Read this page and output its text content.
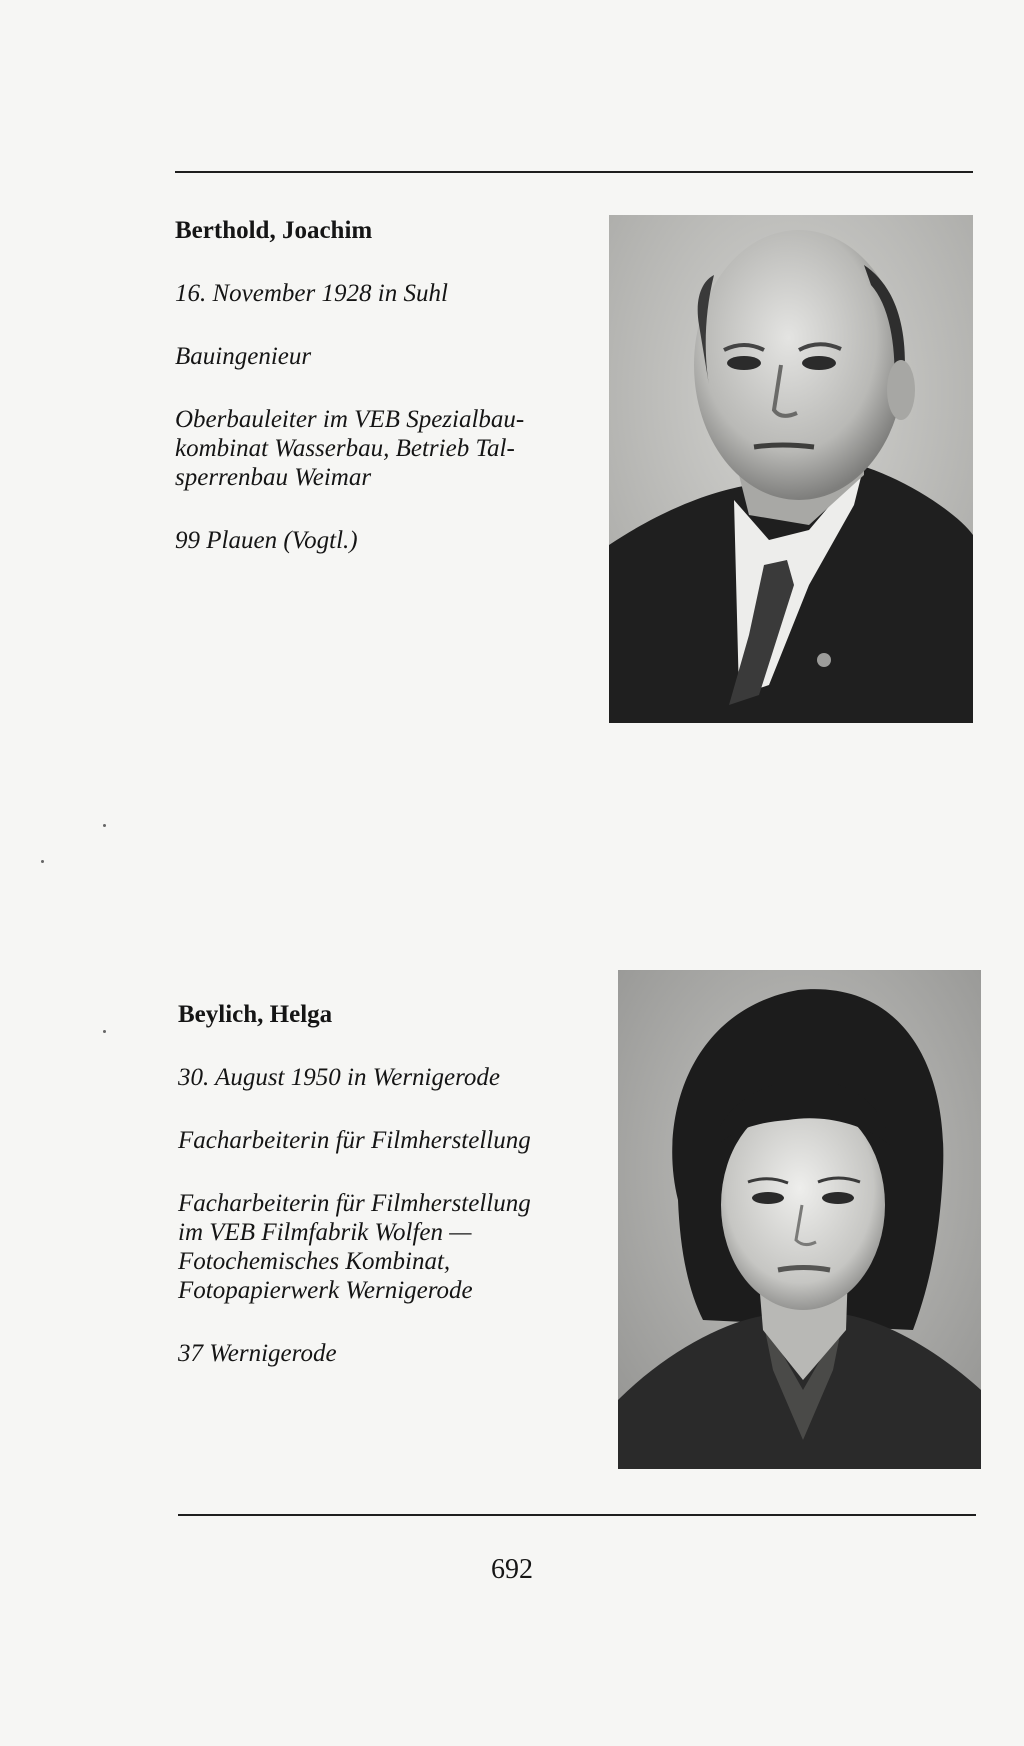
Berthold, Joachim

16. November 1928 in Suhl

Bauingenieur

Oberbauleiter im VEB Spezialbau-

kombinat Wasserbau, Betrieb Tal-

sperrenbau Weimar

99 Plauen (Vogtl.)

Beylich, Helga

30. August 1950 in Wernigerode

Facharbeiterin für Filmherstellung

Facharbeiterin für Filmherstellung

im VEB Filmfabrik Wolfen —

Fotochemisches Kombinat,

Fotopapierwerk Wernigerode

37 Wernigerode

692
